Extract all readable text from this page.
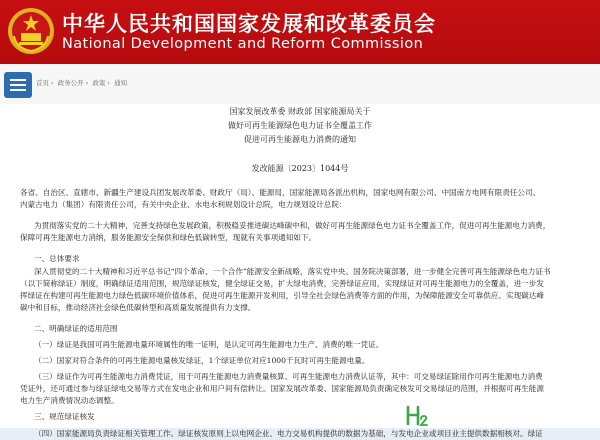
中华人民共和国国家发展和改革委员会
National Development and Reform Commission
首页 › 政务公开 › 政策 › 通知
国家发展改革委 财政部 国家能源局关于
做好可再生能源绿色电力证书全覆盖工作
促进可再生能源电力消费的通知
发改能源〔2023〕1044号
各省、自治区、直辖市、新疆生产建设兵团发展改革委、财政厅（局）、能源局，国家能源局各派出机构，国家电网有限公司、中国南方电网有限责任公司、
内蒙古电力（集团）有限责任公司，有关中央企业、水电水利规划设计总院，电力规划设计总院：
为贯彻落实党的二十大精神，完善支持绿色发展政策，积极稳妥推进碳达峰碳中和，做好可再生能源绿色电力证书全覆盖工作，促进可再生能源电力消费，
保障可再生能源电力消纳，服务能源安全保供和绿色低碳转型，现就有关事项通知如下。
一、总体要求
深入贯彻党的二十大精神和习近平总书记“四个革命、一个合作”能源安全新战略，落实党中央、国务院决策部署，进一步健全完善可再生能源绿色电力证书
（以下简称绿证）制度，明确绿证适用范围，规范绿证核发，健全绿证交易，扩大绿电消费，完善绿证应用，实现绿证对可再生能源电力的全覆盖，进一步发
挥绿证在构建可再生能源电力绿色低碳环境价值体系，促进可再生能源开发利用，引导全社会绿色消费等方面的作用，为保障能源安全可靠供应、实现碳达峰
碳中和目标，推动经济社会绿色低碳转型和高质量发展提供有力支撑。
二、明确绿证的适用范围
（一）绿证是我国可再生能源电量环境属性的唯一证明，是认定可再生能源电力生产、消费的唯一凭证。
（二）国家对符合条件的可再生能源电量核发绿证，1个绿证单位对应1000千瓦时可再生能源电量。
（三）绿证作为可再生能源电力消费凭证，用于可再生能源电力消费量核算、可再生能源电力消费认证等，其中：可交易绿证除用作可再生能源电力消费
凭证外，还可通过参与绿证绿电交易等方式在发电企业和用户间有偿转让。国家发展改革委、国家能源局负责确定核发可交易绿证的范围，并根据可再生能源
电力生产消费情况动态调整。
三、规范绿证核发
（四）国家能源局负责绿证相关管理工作。绿证核发原则上以电网企业、电力交易机构提供的数据为基础，与发电企业或项目业主提供数据相核对。绿证
